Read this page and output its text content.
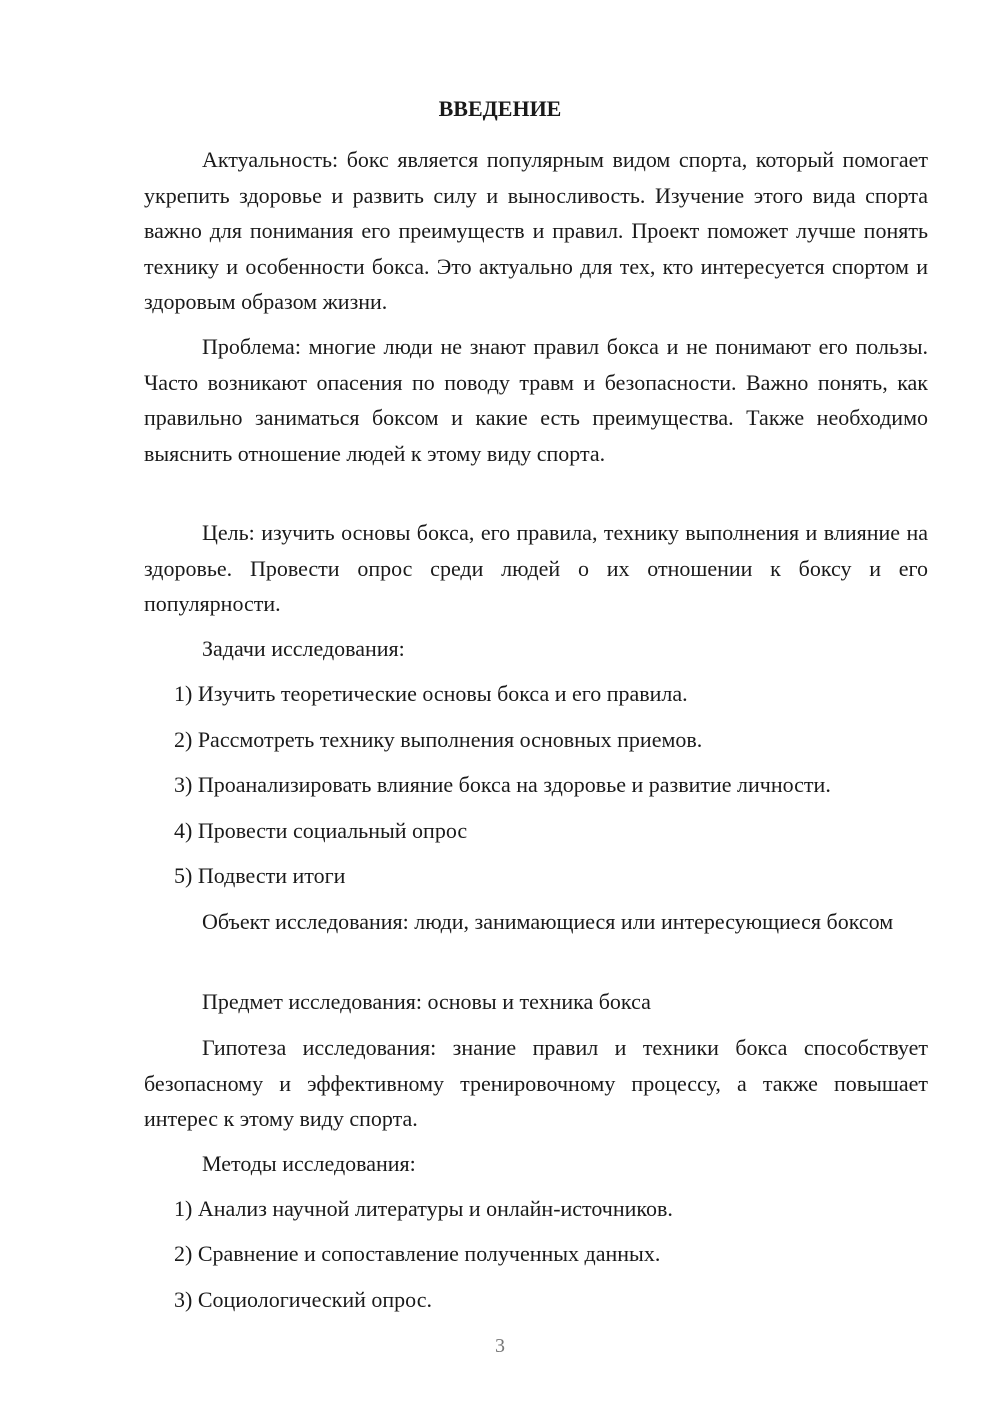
ВВЕДЕНИЕ

Актуальность: бокс является популярным видом спорта, который помогает укрепить здоровье и развить силу и выносливость. Изучение этого вида спорта важно для понимания его преимуществ и правил. Проект поможет лучше понять технику и особенности бокса. Это актуально для тех, кто интересуется спортом и здоровым образом жизни.

Проблема: многие люди не знают правил бокса и не понимают его пользы. Часто возникают опасения по поводу травм и безопасности. Важно понять, как правильно заниматься боксом и какие есть преимущества. Также необходимо выяснить отношение людей к этому виду спорта.

Цель: изучить основы бокса, его правила, технику выполнения и влияние на здоровье. Провести опрос среди людей о их отношении к боксу и его популярности.

Задачи исследования:

1) Изучить теоретические основы бокса и его правила.

2) Рассмотреть технику выполнения основных приемов.

3) Проанализировать влияние бокса на здоровье и развитие личности.

4) Провести социальный опрос

5) Подвести итоги

Объект исследования: люди, занимающиеся или интересующиеся боксом

Предмет исследования: основы и техника бокса

Гипотеза исследования: знание правил и техники бокса способствует безопасному и эффективному тренировочному процессу, а также повышает интерес к этому виду спорта.

Методы исследования:

1) Анализ научной литературы и онлайн-источников.

2) Сравнение и сопоставление полученных данных.

3) Социологический опрос.

3
